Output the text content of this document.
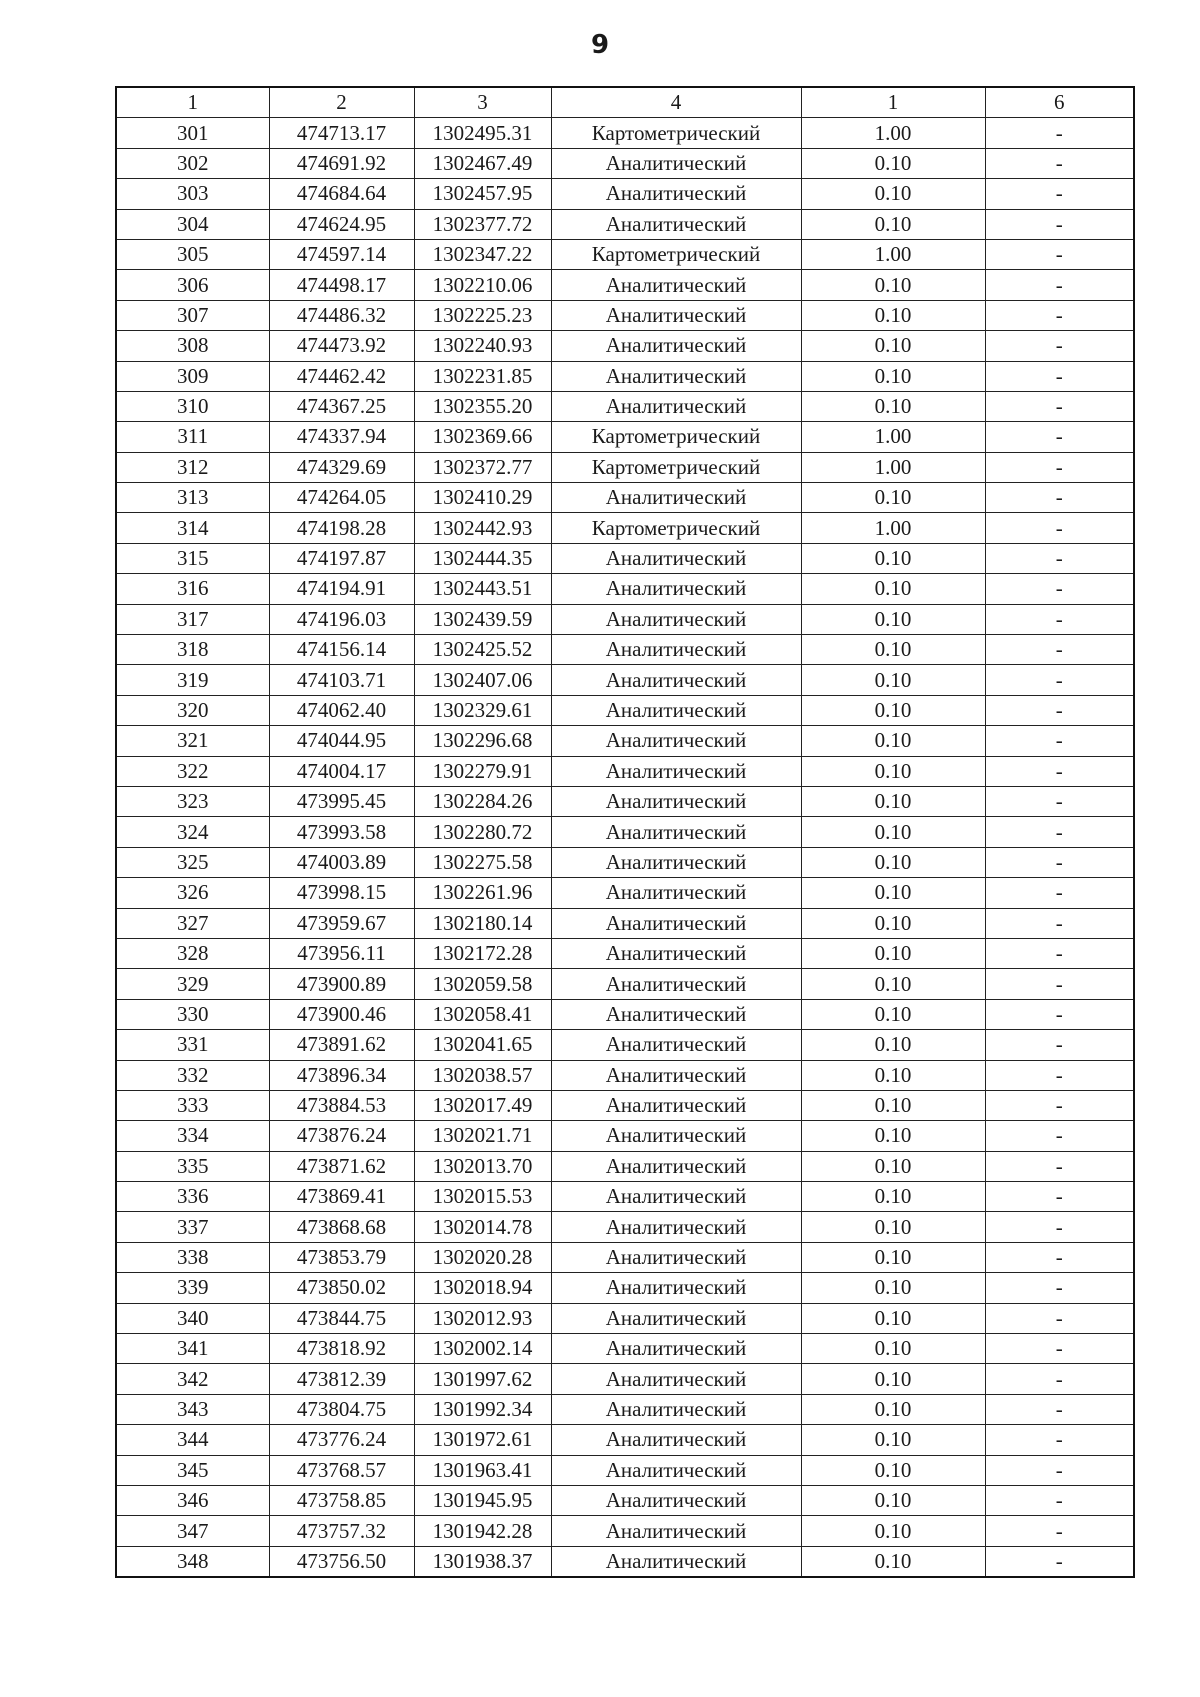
9
1	2	3	4	1	6
301	474713.17	1302495.31	Картометрический	1.00	-
302	474691.92	1302467.49	Аналитический	0.10	-
303	474684.64	1302457.95	Аналитический	0.10	-
304	474624.95	1302377.72	Аналитический	0.10	-
305	474597.14	1302347.22	Картометрический	1.00	-
306	474498.17	1302210.06	Аналитический	0.10	-
307	474486.32	1302225.23	Аналитический	0.10	-
308	474473.92	1302240.93	Аналитический	0.10	-
309	474462.42	1302231.85	Аналитический	0.10	-
310	474367.25	1302355.20	Аналитический	0.10	-
311	474337.94	1302369.66	Картометрический	1.00	-
312	474329.69	1302372.77	Картометрический	1.00	-
313	474264.05	1302410.29	Аналитический	0.10	-
314	474198.28	1302442.93	Картометрический	1.00	-
315	474197.87	1302444.35	Аналитический	0.10	-
316	474194.91	1302443.51	Аналитический	0.10	-
317	474196.03	1302439.59	Аналитический	0.10	-
318	474156.14	1302425.52	Аналитический	0.10	-
319	474103.71	1302407.06	Аналитический	0.10	-
320	474062.40	1302329.61	Аналитический	0.10	-
321	474044.95	1302296.68	Аналитический	0.10	-
322	474004.17	1302279.91	Аналитический	0.10	-
323	473995.45	1302284.26	Аналитический	0.10	-
324	473993.58	1302280.72	Аналитический	0.10	-
325	474003.89	1302275.58	Аналитический	0.10	-
326	473998.15	1302261.96	Аналитический	0.10	-
327	473959.67	1302180.14	Аналитический	0.10	-
328	473956.11	1302172.28	Аналитический	0.10	-
329	473900.89	1302059.58	Аналитический	0.10	-
330	473900.46	1302058.41	Аналитический	0.10	-
331	473891.62	1302041.65	Аналитический	0.10	-
332	473896.34	1302038.57	Аналитический	0.10	-
333	473884.53	1302017.49	Аналитический	0.10	-
334	473876.24	1302021.71	Аналитический	0.10	-
335	473871.62	1302013.70	Аналитический	0.10	-
336	473869.41	1302015.53	Аналитический	0.10	-
337	473868.68	1302014.78	Аналитический	0.10	-
338	473853.79	1302020.28	Аналитический	0.10	-
339	473850.02	1302018.94	Аналитический	0.10	-
340	473844.75	1302012.93	Аналитический	0.10	-
341	473818.92	1302002.14	Аналитический	0.10	-
342	473812.39	1301997.62	Аналитический	0.10	-
343	473804.75	1301992.34	Аналитический	0.10	-
344	473776.24	1301972.61	Аналитический	0.10	-
345	473768.57	1301963.41	Аналитический	0.10	-
346	473758.85	1301945.95	Аналитический	0.10	-
347	473757.32	1301942.28	Аналитический	0.10	-
348	473756.50	1301938.37	Аналитический	0.10	-
